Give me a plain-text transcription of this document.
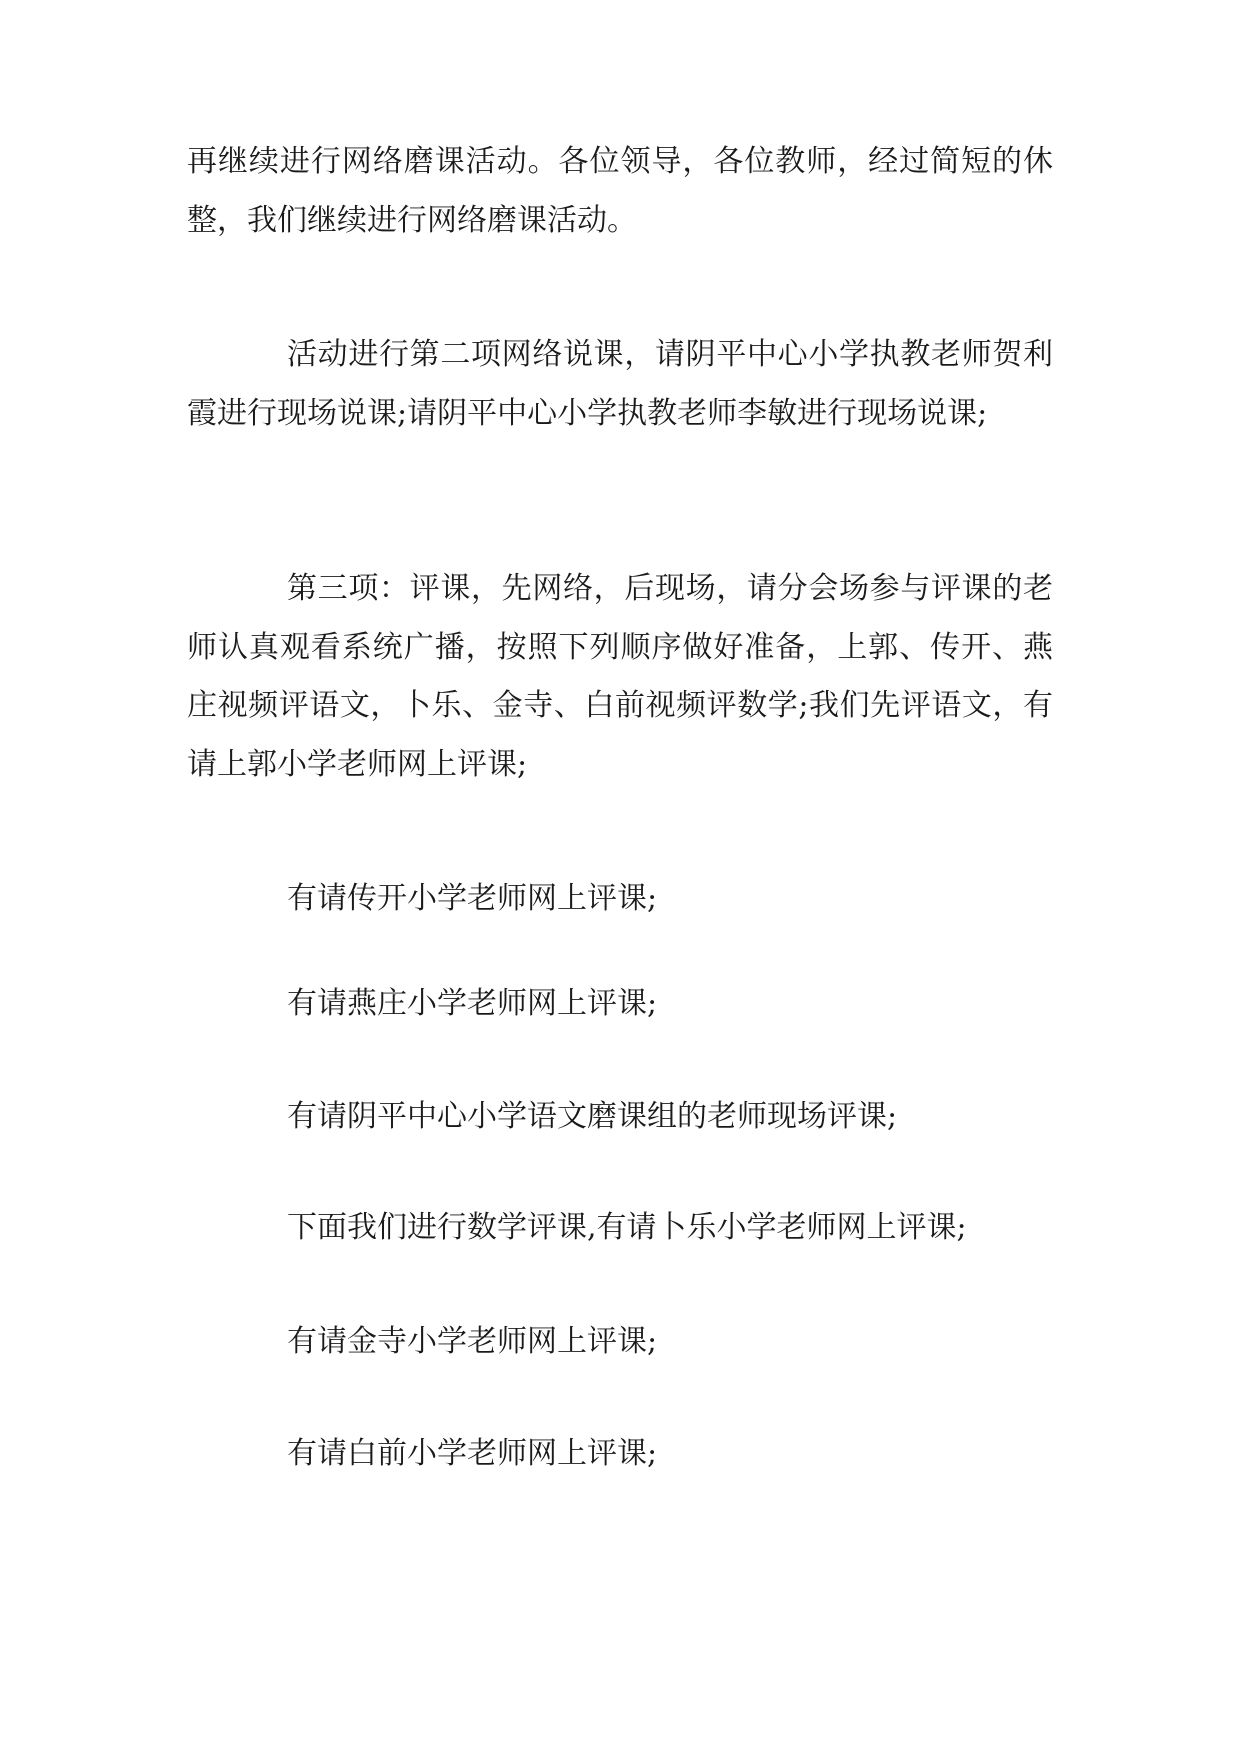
再继续进行网络磨课活动。各位领导，各位教师，经过简短的休整，我们继续进行网络磨课活动。

活动进行第二项网络说课，请阴平中心小学执教老师贺利霞进行现场说课;请阴平中心小学执教老师李敏进行现场说课;

第三项：评课，先网络，后现场，请分会场参与评课的老师认真观看系统广播，按照下列顺序做好准备，上郭、传开、燕庄视频评语文，卜乐、金寺、白前视频评数学;我们先评语文，有请上郭小学老师网上评课;

有请传开小学老师网上评课;

有请燕庄小学老师网上评课;

有请阴平中心小学语文磨课组的老师现场评课;

下面我们进行数学评课,有请卜乐小学老师网上评课;

有请金寺小学老师网上评课;

有请白前小学老师网上评课;
